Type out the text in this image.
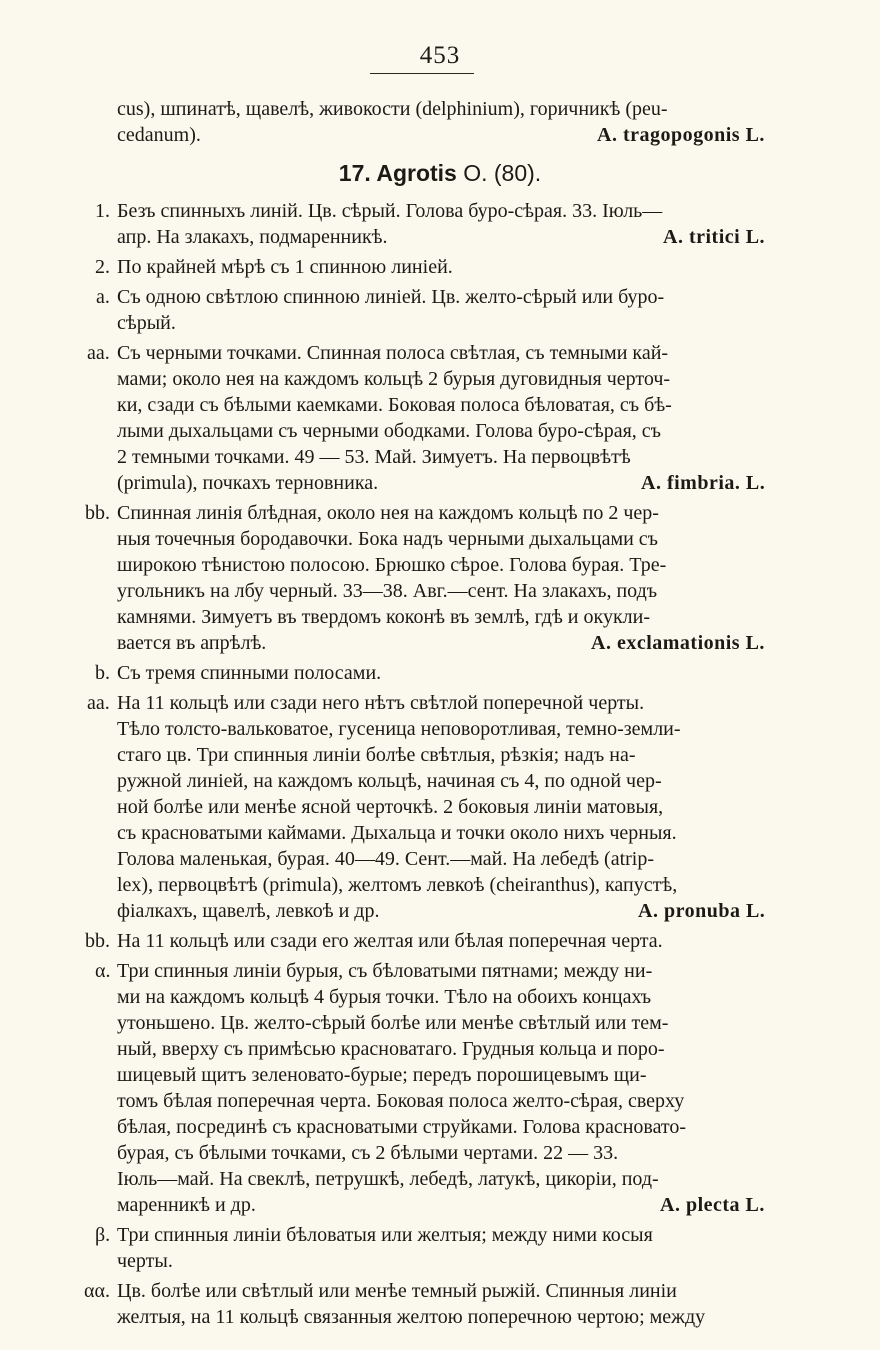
453
cus), шпинатѣ, щавелѣ, живокости (delphinium), горичникѣ (peu-
cedanum).	A. tragopogonis L.
17. Agrotis O. (80).
1. Безъ спинныхъ линій. Цв. сѣрый. Голова буро-сѣрая. 33. Іюль—
апр. На злакахъ, подмаренникѣ.	A. tritici L.
2. По крайней мѣрѣ съ 1 спинною линіей.
a. Съ одною свѣтлою спинною линіей. Цв. желто-сѣрый или буро-
сѣрый.
aa. Съ черными точками. Спинная полоса свѣтлая, съ темными кай-
мами; около нея на каждомъ кольцѣ 2 бурыя дуговидныя черточ-
ки, сзади съ бѣлыми каемками. Боковая полоса бѣловатая, съ бѣ-
лыми дыхальцами съ черными ободками. Голова буро-сѣрая, съ
2 темными точками. 49 — 53. Май. Зимуетъ. На первоцвѣтѣ
(primula), почкахъ терновника.	A. fimbria. L.
bb. Спинная линія блѣдная, около нея на каждомъ кольцѣ по 2 чер-
ныя точечныя бородавочки. Бока надъ черными дыхальцами съ
широкою тѣнистою полосою. Брюшко сѣрое. Голова бурая. Тре-
угольникъ на лбу черный. 33—38. Авг.—сент. На злакахъ, подъ
камнями. Зимуетъ въ твердомъ коконѣ въ землѣ, гдѣ и окукли-
вается въ апрѣлѣ.	A. exclamationis L.
b. Съ тремя спинными полосами.
aa. На 11 кольцѣ или сзади него нѣтъ свѣтлой поперечной черты.
Тѣло толсто-вальковатое, гусеница неповоротливая, темно-земли-
стаго цв. Три спинныя линіи болѣе свѣтлыя, рѣзкія; надъ на-
ружной линіей, на каждомъ кольцѣ, начиная съ 4, по одной чер-
ной болѣе или менѣе ясной черточкѣ. 2 боковыя линіи матовыя,
съ красноватыми каймами. Дыхальца и точки около нихъ черныя.
Голова маленькая, бурая. 40—49. Сент.—май. На лебедѣ (atrip-
lex), первоцвѣтѣ (primula), желтомъ левкоѣ (cheiranthus), капустѣ,
фіалкахъ, щавелѣ, левкоѣ и др.	A. pronuba L.
bb. На 11 кольцѣ или сзади его желтая или бѣлая поперечная черта.
α. Три спинныя линіи бурыя, съ бѣловатыми пятнами; между ни-
ми на каждомъ кольцѣ 4 бурыя точки. Тѣло на обоихъ концахъ
утоньшено. Цв. желто-сѣрый болѣе или менѣе свѣтлый или тем-
ный, вверху съ примѣсью красноватаго. Грудныя кольца и поро-
шицевый щитъ зеленовато-бурые; передъ порошицевымъ щи-
томъ бѣлая поперечная черта. Боковая полоса желто-сѣрая, сверху
бѣлая, посрединѣ съ красноватыми струйками. Голова красновато-
бурая, съ бѣлыми точками, съ 2 бѣлыми чертами. 22 — 33.
Іюль—май. На свеклѣ, петрушкѣ, лебедѣ, латукѣ, цикоріи, под-
маренникѣ и др.	A. plecta L.
β. Три спинныя линіи бѣловатыя или желтыя; между ними косыя
черты.
αα. Цв. болѣе или свѣтлый или менѣе темный рыжій. Спинныя линіи
желтыя, на 11 кольцѣ связанныя желтою поперечною чертою; между
